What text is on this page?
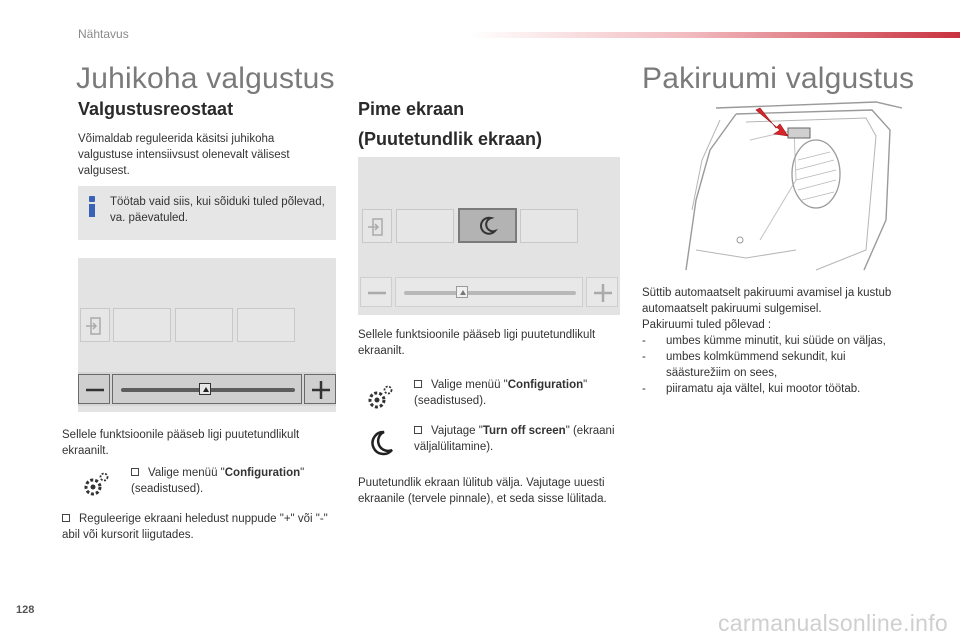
Nähtavus
Juhikoha valgustus
Valgustusreostaat
Võimaldab reguleerida käsitsi juhikoha valgustuse intensiivsust olenevalt välisest valgusest.
Töötab vaid siis, kui sõiduki tuled põlevad, va. päevatuled.
Sellele funktsioonile pääseb ligi puutetundlikult ekraanilt.
Valige menüü "Configuration" (seadistused).
Reguleerige ekraani heledust nuppude "+" või "-" abil või kursorit liigutades.
Pime ekraan
(Puutetundlik ekraan)
Sellele funktsioonile pääseb ligi puutetundlikult ekraanilt.
Valige menüü "Configuration" (seadistused).
Vajutage "Turn off screen" (ekraani väljalülitamine).
Puutetundlik ekraan lülitub välja. Vajutage uuesti ekraanile (tervele pinnale), et seda sisse lülitada.
Pakiruumi valgustus
Süttib automaatselt pakiruumi avamisel ja kustub automaatselt pakiruumi sulgemisel.
Pakiruumi tuled põlevad :
- umbes kümme minutit, kui süüde on väljas,
- umbes kolmkümmend sekundit, kui säästurežiim on sees,
- piiramatu aja vältel, kui mootor töötab.
128	carmanualsonline.info
